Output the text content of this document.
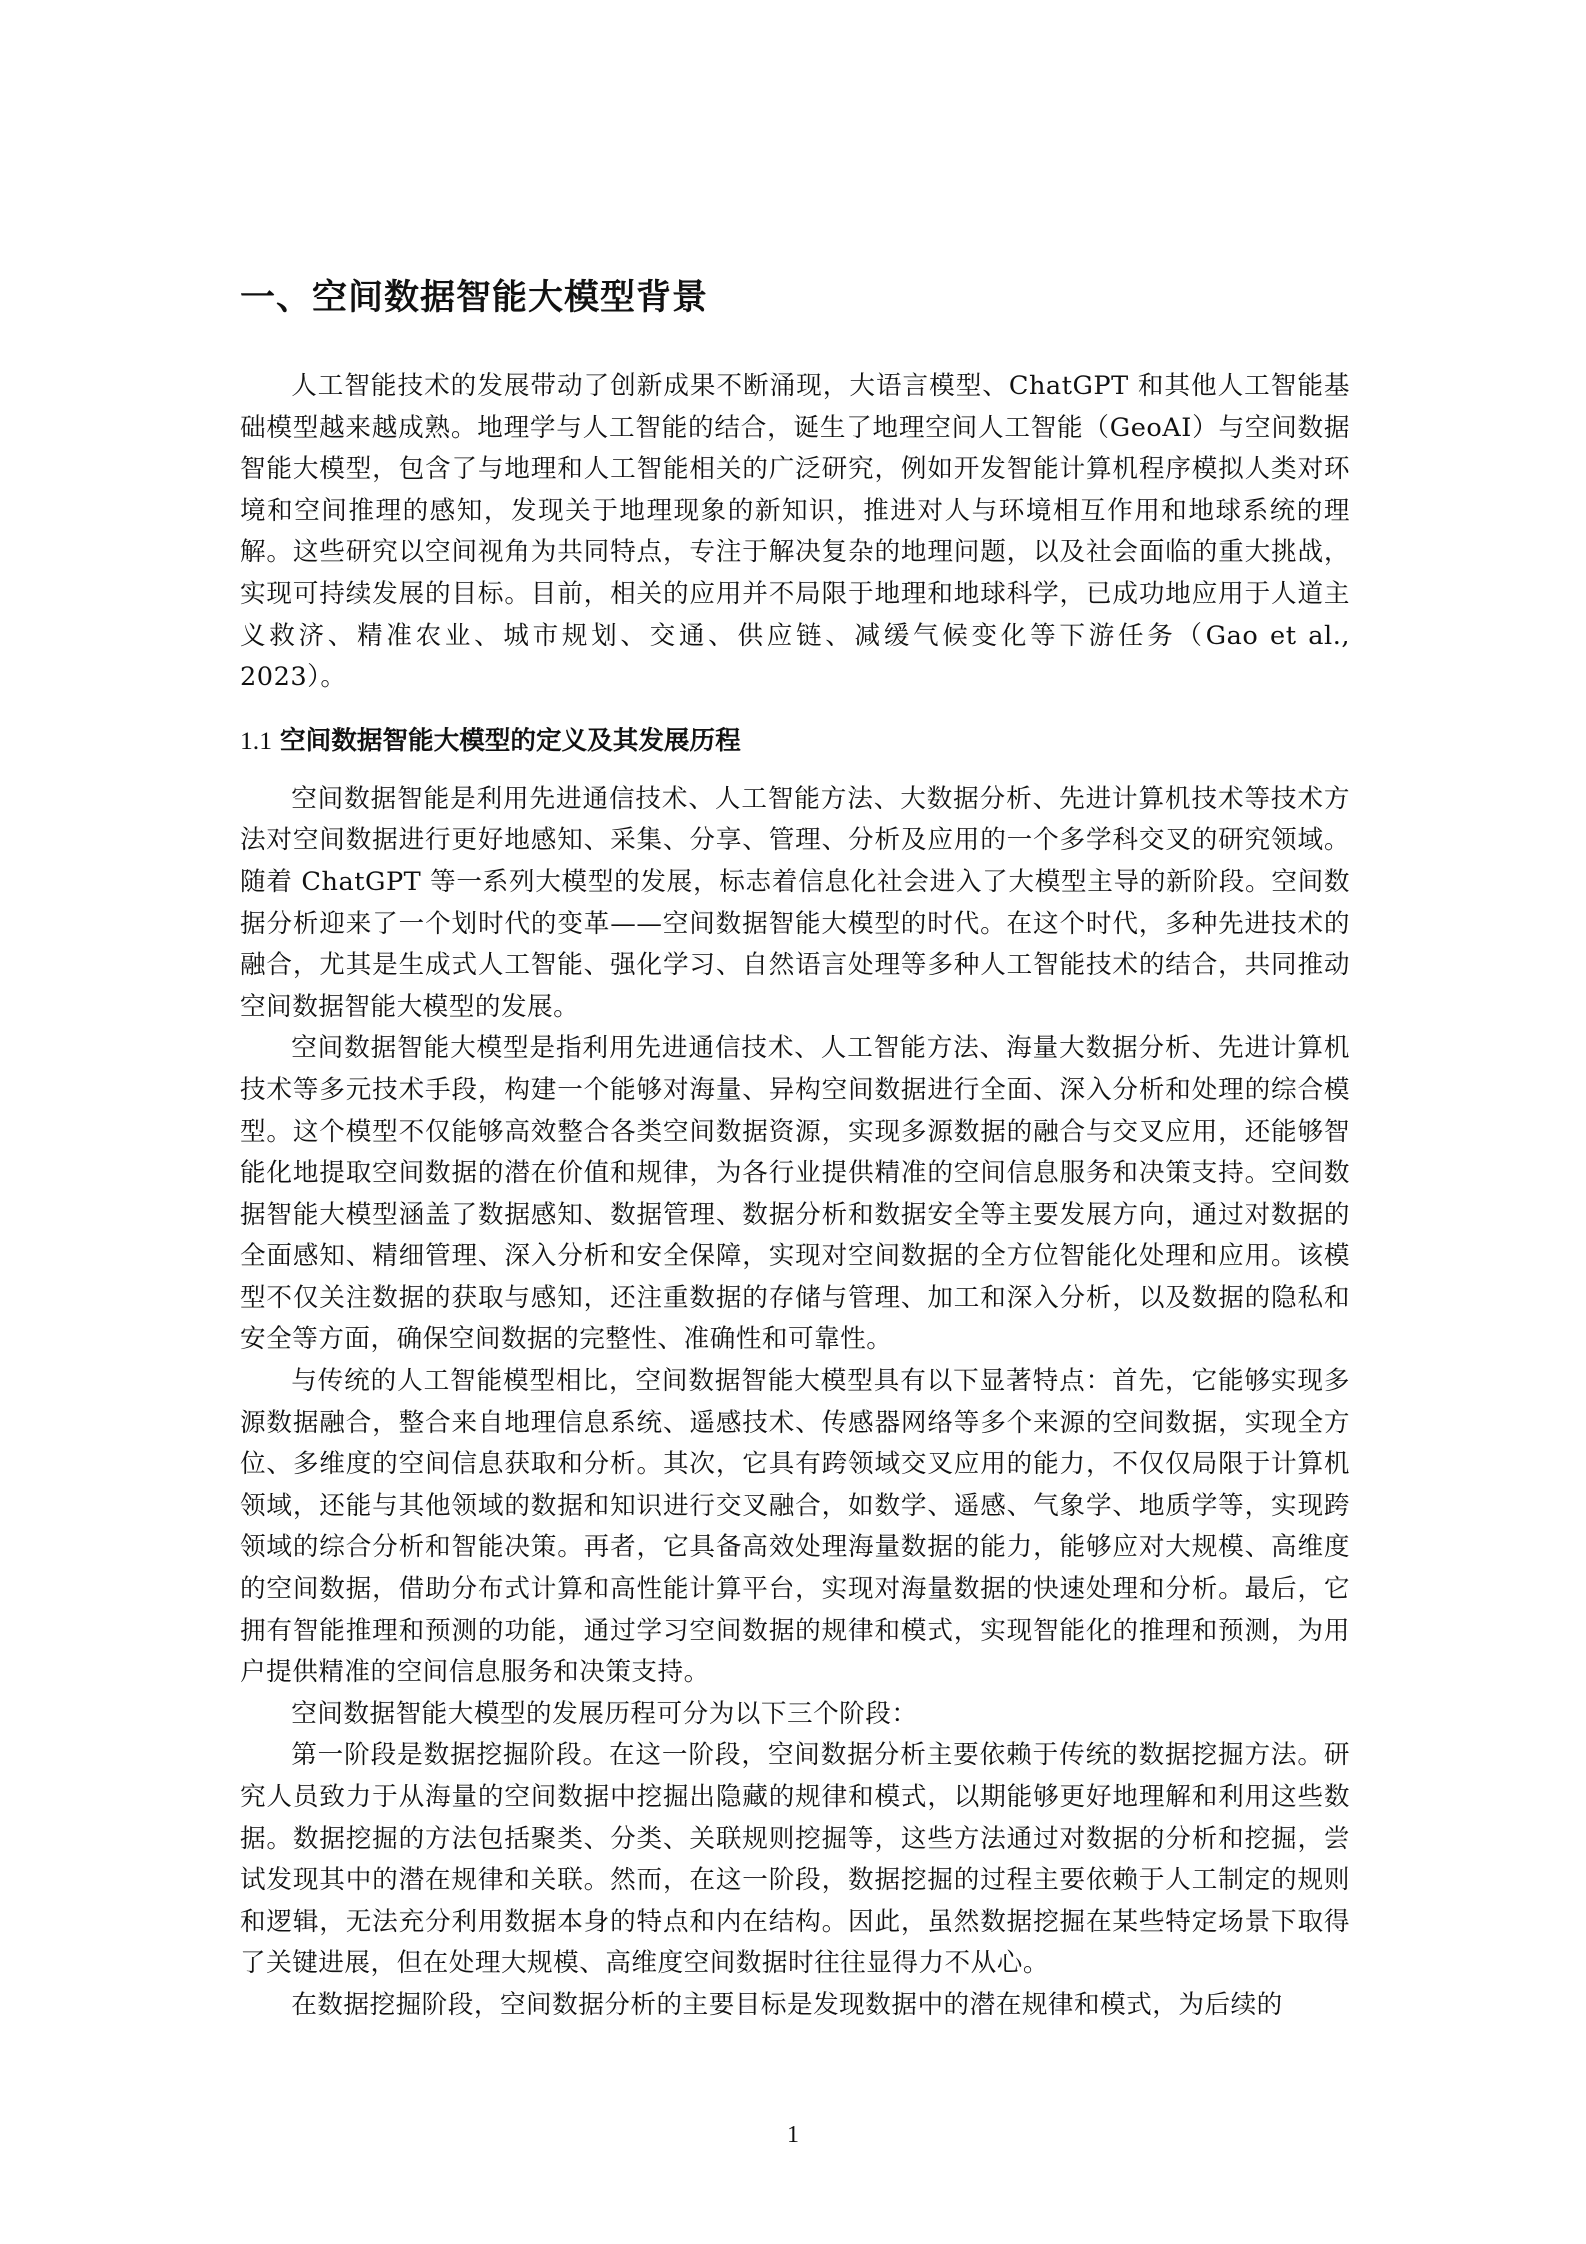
一、空间数据智能大模型背景

人工智能技术的发展带动了创新成果不断涌现，大语言模型、ChatGPT 和其他人工智能基础模型越来越成熟。地理学与人工智能的结合，诞生了地理空间人工智能（GeoAI）与空间数据智能大模型，包含了与地理和人工智能相关的广泛研究，例如开发智能计算机程序模拟人类对环境和空间推理的感知，发现关于地理现象的新知识，推进对人与环境相互作用和地球系统的理解。这些研究以空间视角为共同特点，专注于解决复杂的地理问题，以及社会面临的重大挑战，实现可持续发展的目标。目前，相关的应用并不局限于地理和地球科学，已成功地应用于人道主义救济、精准农业、城市规划、交通、供应链、减缓气候变化等下游任务（Gao et al., 2023）。

1.1 空间数据智能大模型的定义及其发展历程

空间数据智能是利用先进通信技术、人工智能方法、大数据分析、先进计算机技术等技术方法对空间数据进行更好地感知、采集、分享、管理、分析及应用的一个多学科交叉的研究领域。随着 ChatGPT 等一系列大模型的发展，标志着信息化社会进入了大模型主导的新阶段。空间数据分析迎来了一个划时代的变革——空间数据智能大模型的时代。在这个时代，多种先进技术的融合，尤其是生成式人工智能、强化学习、自然语言处理等多种人工智能技术的结合，共同推动空间数据智能大模型的发展。

空间数据智能大模型是指利用先进通信技术、人工智能方法、海量大数据分析、先进计算机技术等多元技术手段，构建一个能够对海量、异构空间数据进行全面、深入分析和处理的综合模型。这个模型不仅能够高效整合各类空间数据资源，实现多源数据的融合与交叉应用，还能够智能化地提取空间数据的潜在价值和规律，为各行业提供精准的空间信息服务和决策支持。空间数据智能大模型涵盖了数据感知、数据管理、数据分析和数据安全等主要发展方向，通过对数据的全面感知、精细管理、深入分析和安全保障，实现对空间数据的全方位智能化处理和应用。该模型不仅关注数据的获取与感知，还注重数据的存储与管理、加工和深入分析，以及数据的隐私和安全等方面，确保空间数据的完整性、准确性和可靠性。

与传统的人工智能模型相比，空间数据智能大模型具有以下显著特点：首先，它能够实现多源数据融合，整合来自地理信息系统、遥感技术、传感器网络等多个来源的空间数据，实现全方位、多维度的空间信息获取和分析。其次，它具有跨领域交叉应用的能力，不仅仅局限于计算机领域，还能与其他领域的数据和知识进行交叉融合，如数学、遥感、气象学、地质学等，实现跨领域的综合分析和智能决策。再者，它具备高效处理海量数据的能力，能够应对大规模、高维度的空间数据，借助分布式计算和高性能计算平台，实现对海量数据的快速处理和分析。最后，它拥有智能推理和预测的功能，通过学习空间数据的规律和模式，实现智能化的推理和预测，为用户提供精准的空间信息服务和决策支持。

空间数据智能大模型的发展历程可分为以下三个阶段：

第一阶段是数据挖掘阶段。在这一阶段，空间数据分析主要依赖于传统的数据挖掘方法。研究人员致力于从海量的空间数据中挖掘出隐藏的规律和模式，以期能够更好地理解和利用这些数据。数据挖掘的方法包括聚类、分类、关联规则挖掘等，这些方法通过对数据的分析和挖掘，尝试发现其中的潜在规律和关联。然而，在这一阶段，数据挖掘的过程主要依赖于人工制定的规则和逻辑，无法充分利用数据本身的特点和内在结构。因此，虽然数据挖掘在某些特定场景下取得了关键进展，但在处理大规模、高维度空间数据时往往显得力不从心。

在数据挖掘阶段，空间数据分析的主要目标是发现数据中的潜在规律和模式，为后续的

1
